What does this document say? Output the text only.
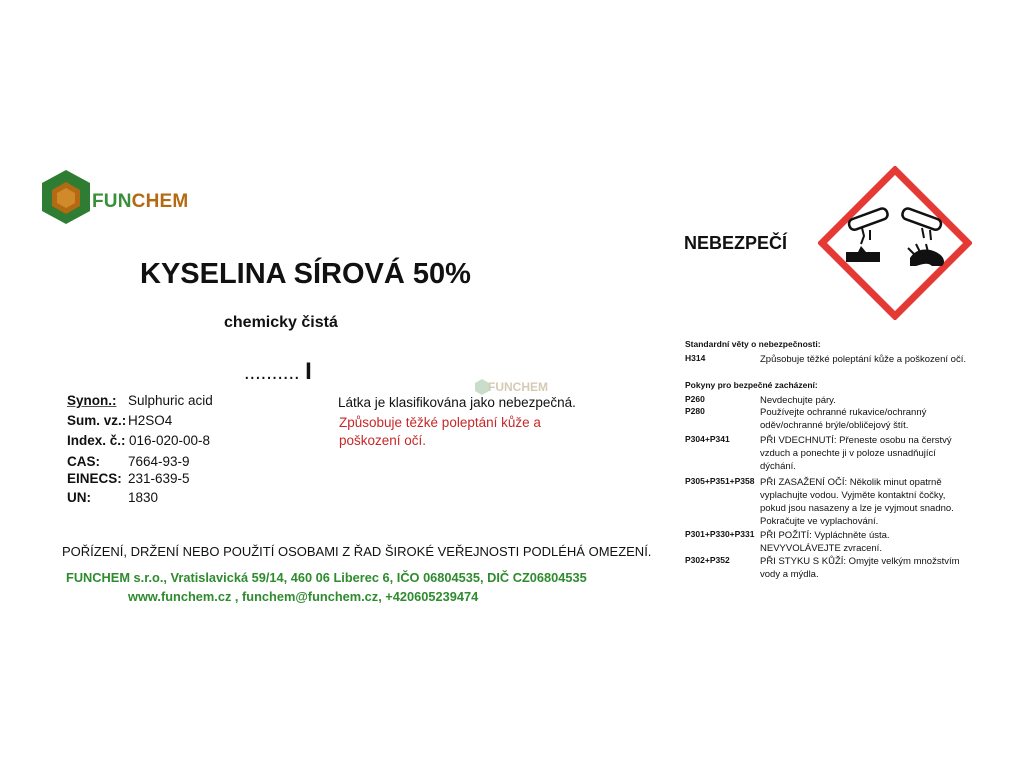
FUNCHEM
KYSELINA SÍROVÁ 50%
chemicky čistá
.......... I
Synon.: Sulphuric acid
Sum. vz.: H2SO4
Index. č.: 016-020-00-8
CAS:	7664-93-9
EINECS: 231-639-5
UN:	1830
FUNCHEM
Látka je klasifikována jako nebezpečná.
Způsobuje těžké poleptání kůže a poškození očí.
POŘÍZENÍ, DRŽENÍ NEBO POUŽITÍ OSOBAMI Z ŘAD ŠIROKÉ VEŘEJNOSTI PODLÉHÁ OMEZENÍ.
FUNCHEM s.r.o., Vratislavická 59/14, 460 06 Liberec 6, IČO 06804535, DIČ CZ06804535
www.funchem.cz , funchem@funchem.cz, +420605239474
NEBEZPEČÍ
Standardní věty o nebezpečnosti:
H314	Způsobuje těžké poleptání kůže a poškození očí.
Pokyny pro bezpečné zacházení:
P260	Nevdechujte páry.
P280	Používejte ochranné rukavice/ochranný oděv/ochranné brýle/obličejový štít.
P304+P341	PŘI VDECHNUTÍ: Přeneste osobu na čerstvý vzduch a ponechte ji v poloze usnadňující dýchání.
P305+P351+P358 PŘI ZASAŽENÍ OČÍ: Několik minut opatrně vyplachujte vodou. Vyjměte kontaktní čočky, pokud jsou nasazeny a lze je vyjmout snadno. Pokračujte ve vyplachování.
P301+P330+P331 PŘI POŽITÍ: Vypláchněte ústa. NEVYVOLÁVEJTE zvracení.
P302+P352	PŘI STYKU S KŮŽÍ: Omyjte velkým množstvím vody a mýdla.
